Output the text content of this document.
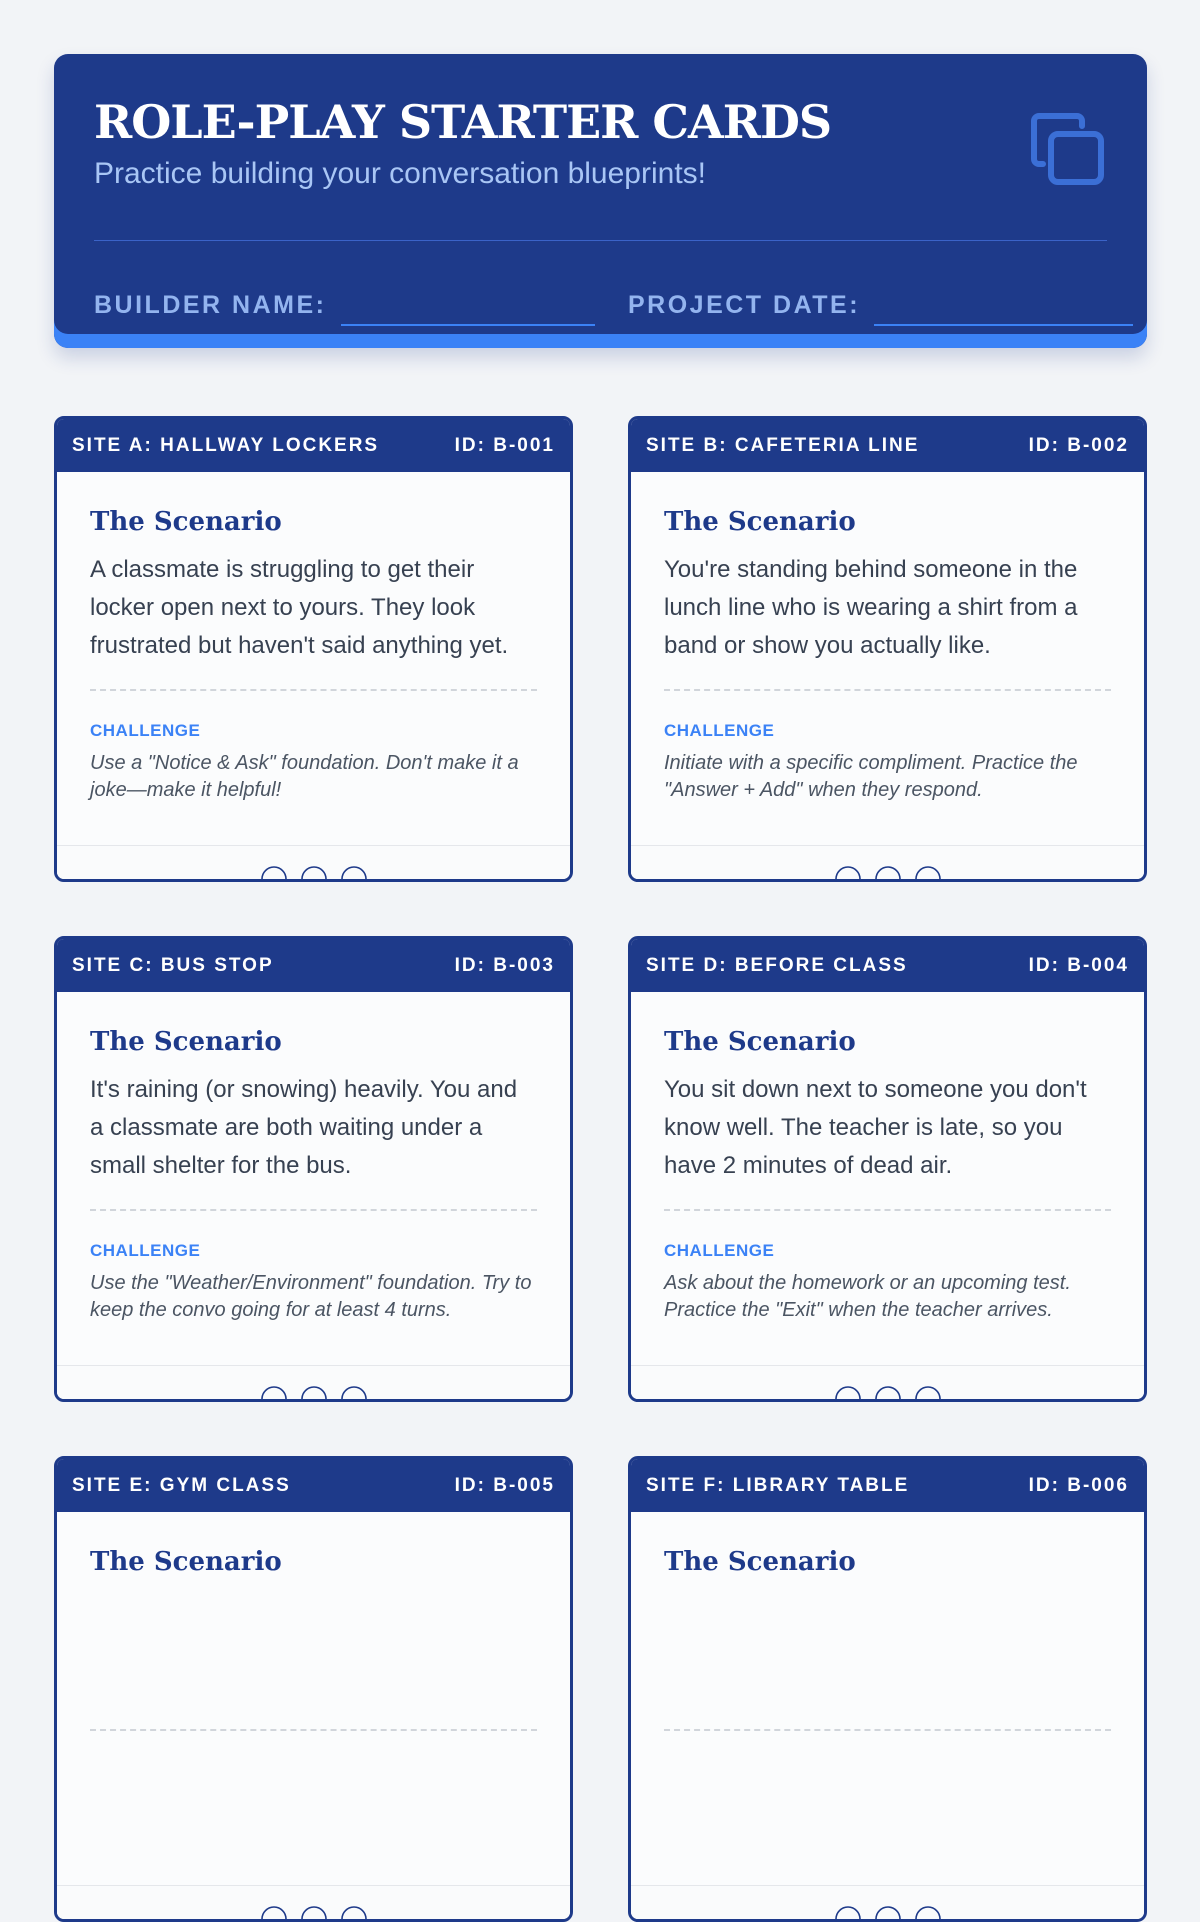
ROLE-PLAY STARTER CARDS
Practice building your conversation blueprints!
BUILDER NAME:	PROJECT DATE:
SITE A: HALLWAY LOCKERS	ID: B-001
The Scenario
A classmate is struggling to get their locker open next to yours. They look frustrated but haven't said anything yet.
CHALLENGE
Use a "Notice & Ask" foundation. Don't make it a joke—make it helpful!
SITE B: CAFETERIA LINE	ID: B-002
The Scenario
You're standing behind someone in the lunch line who is wearing a shirt from a band or show you actually like.
CHALLENGE
Initiate with a specific compliment. Practice the "Answer + Add" when they respond.
SITE C: BUS STOP	ID: B-003
The Scenario
It's raining (or snowing) heavily. You and a classmate are both waiting under a small shelter for the bus.
CHALLENGE
Use the "Weather/Environment" foundation. Try to keep the convo going for at least 4 turns.
SITE D: BEFORE CLASS	ID: B-004
The Scenario
You sit down next to someone you don't know well. The teacher is late, so you have 2 minutes of dead air.
CHALLENGE
Ask about the homework or an upcoming test. Practice the "Exit" when the teacher arrives.
SITE E: GYM CLASS	ID: B-005
The Scenario
SITE F: LIBRARY TABLE	ID: B-006
The Scenario
